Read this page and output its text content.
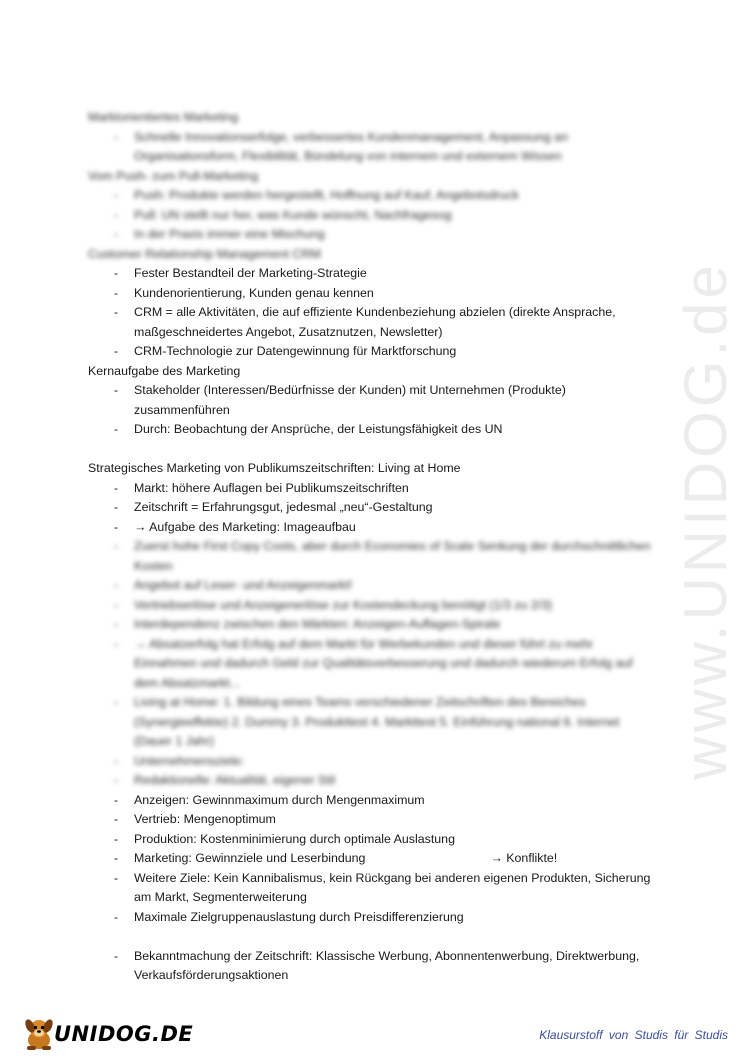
www.UNIDOG.de
Marktorientiertes Marketing
- Schnelle Innovationserfolge, verbessertes Kundenmanagement, Anpassung an
Organisationsform, Flexibilität, Bündelung von internem und externem Wissen
Vom Push- zum Pull-Marketing
- Push: Produkte werden hergestellt, Hoffnung auf Kauf, Angebotsdruck
- Pull: UN stellt nur her, was Kunde wünscht, Nachfragesog
- In der Praxis immer eine Mischung
Customer Relationship Management CRM
- Fester Bestandteil der Marketing-Strategie
- Kundenorientierung, Kunden genau kennen
- CRM = alle Aktivitäten, die auf effiziente Kundenbeziehung abzielen (direkte Ansprache,
maßgeschneidertes Angebot, Zusatznutzen, Newsletter)
- CRM-Technologie zur Datengewinnung für Marktforschung
Kernaufgabe des Marketing
- Stakeholder (Interessen/Bedürfnisse der Kunden) mit Unternehmen (Produkte)
zusammenführen
- Durch: Beobachtung der Ansprüche, der Leistungsfähigkeit des UN
Strategisches Marketing von Publikumszeitschriften: Living at Home
- Markt: höhere Auflagen bei Publikumszeitschriften
- Zeitschrift = Erfahrungsgut, jedesmal „neu“-Gestaltung
- → Aufgabe des Marketing: Imageaufbau
- Zuerst hohe First Copy Costs, aber durch Economies of Scale Senkung der durchschnittlichen
Kosten
- Angebot auf Leser- und Anzeigenmarkt!
- Vertriebserlöse und Anzeigenerlöse zur Kostendeckung benötigt (1/3 zu 2/3)
- Interdependenz zwischen den Märkten: Anzeigen-Auflagen-Spirale
- → Absatzerfolg hat Erfolg auf dem Markt für Werbekunden und dieser führt zu mehr
Einnahmen und dadurch Geld zur Qualitätsverbesserung und dadurch wiederum Erfolg auf
dem Absatzmarkt...
- Living at Home: 1. Bildung eines Teams verschiedener Zeitschriften des Bereiches
(Synergieeffekte) 2. Dummy 3. Produkttest 4. Markttest 5. Einführung national 6. Internet
(Dauer 1 Jahr)
- Unternehmensziele:
- Redaktionelle: Aktualität, eigener Stil
- Anzeigen: Gewinnmaximum durch Mengenmaximum
- Vertrieb: Mengenoptimum
- Produktion: Kostenminimierung durch optimale Auslastung
- Marketing: Gewinnziele und Leserbindung	→ Konflikte!
- Weitere Ziele: Kein Kannibalismus, kein Rückgang bei anderen eigenen Produkten, Sicherung
am Markt, Segmenterweiterung
- Maximale Zielgruppenauslastung durch Preisdifferenzierung
- Bekanntmachung der Zeitschrift: Klassische Werbung, Abonnentenwerbung, Direktwerbung,
Verkaufsförderungsaktionen
UNIDOG.DE	Klausurstoff von Studis für Studis
